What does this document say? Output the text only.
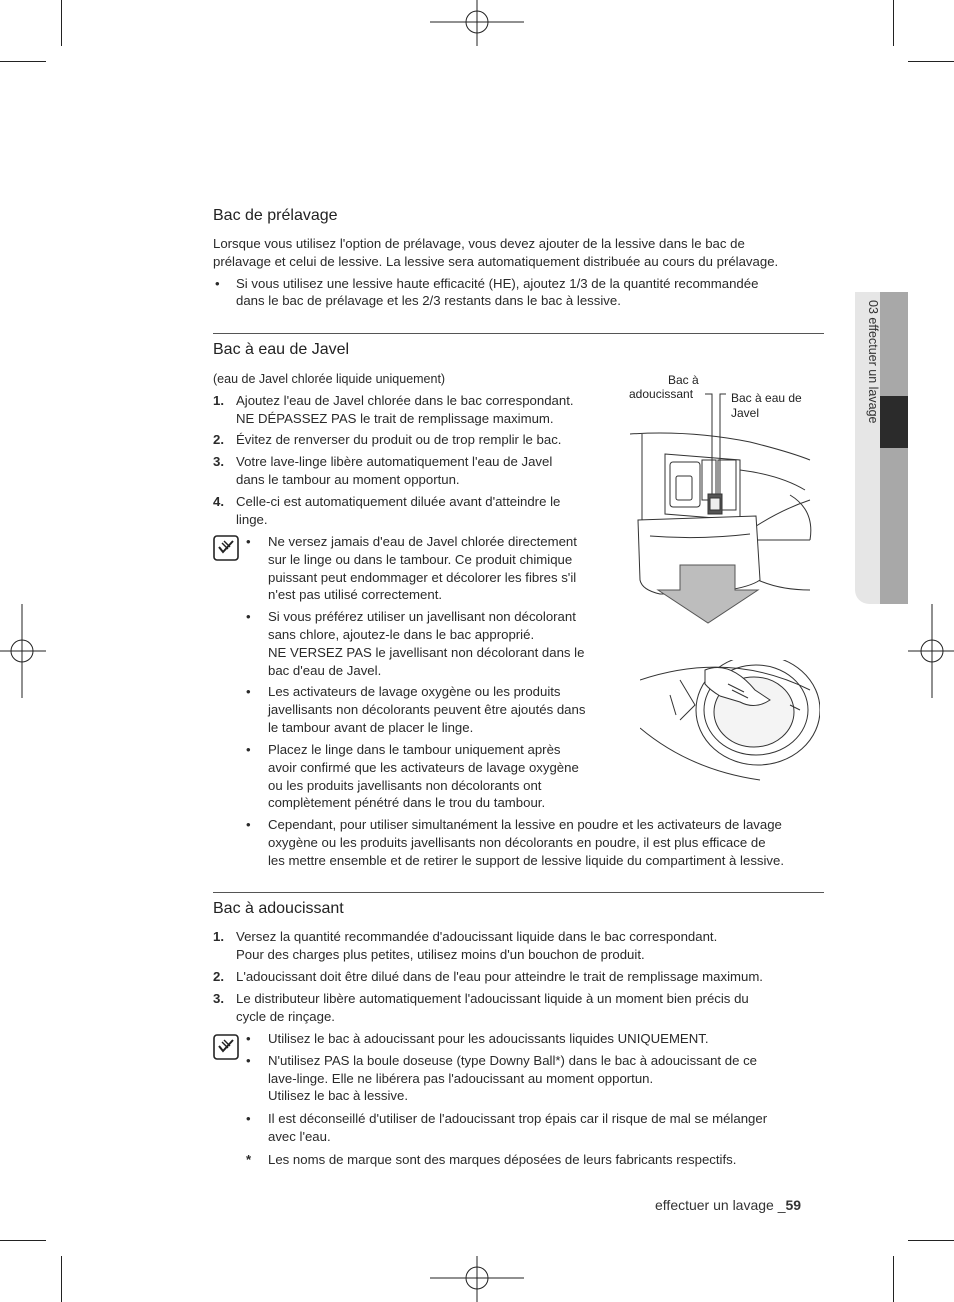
03 effectuer un lavage
Bac de prélavage
Lorsque vous utilisez l'option de prélavage, vous devez ajouter de la lessive dans le bac de
prélavage et celui de lessive. La lessive sera automatiquement distribuée au cours du prélavage.
• Si vous utilisez une lessive haute efficacité (HE), ajoutez 1/3 de la quantité recommandée
dans le bac de prélavage et les 2/3 restants dans le bac à lessive.
Bac à eau de Javel
(eau de Javel chlorée liquide uniquement)
1. Ajoutez l'eau de Javel chlorée dans le bac correspondant.
NE DÉPASSEZ PAS le trait de remplissage maximum.
2. Évitez de renverser du produit ou de trop remplir le bac.
3. Votre lave-linge libère automatiquement l'eau de Javel
dans le tambour au moment opportun.
4. Celle-ci est automatiquement diluée avant d'atteindre le
linge.
• Ne versez jamais d'eau de Javel chlorée directement
sur le linge ou dans le tambour. Ce produit chimique
puissant peut endommager et décolorer les fibres s'il
n'est pas utilisé correctement.
• Si vous préférez utiliser un javellisant non décolorant
sans chlore, ajoutez-le dans le bac approprié.
NE VERSEZ PAS le javellisant non décolorant dans le
bac d'eau de Javel.
• Les activateurs de lavage oxygène ou les produits
javellisants non décolorants peuvent être ajoutés dans
le tambour avant de placer le linge.
• Placez le linge dans le tambour uniquement après
avoir confirmé que les activateurs de lavage oxygène
ou les produits javellisants non décolorants ont
complètement pénétré dans le trou du tambour.
• Cependant, pour utiliser simultanément la lessive en poudre et les activateurs de lavage
oxygène ou les produits javellisants non décolorants en poudre, il est plus efficace de
les mettre ensemble et de retirer le support de lessive liquide du compartiment à lessive.
Bac à
adoucissant	Bac à eau de
Javel
Bac à adoucissant
1. Versez la quantité recommandée d'adoucissant liquide dans le bac correspondant.
Pour des charges plus petites, utilisez moins d'un bouchon de produit.
2. L'adoucissant doit être dilué dans de l'eau pour atteindre le trait de remplissage maximum.
3. Le distributeur libère automatiquement l'adoucissant liquide à un moment bien précis du
cycle de rinçage.
• Utilisez le bac à adoucissant pour les adoucissants liquides UNIQUEMENT.
• N'utilisez PAS la boule doseuse (type Downy Ball*) dans le bac à adoucissant de ce
lave-linge. Elle ne libérera pas l'adoucissant au moment opportun.
Utilisez le bac à lessive.
• Il est déconseillé d'utiliser de l'adoucissant trop épais car il risque de mal se mélanger
avec l'eau.
* Les noms de marque sont des marques déposées de leurs fabricants respectifs.
effectuer un lavage _59
